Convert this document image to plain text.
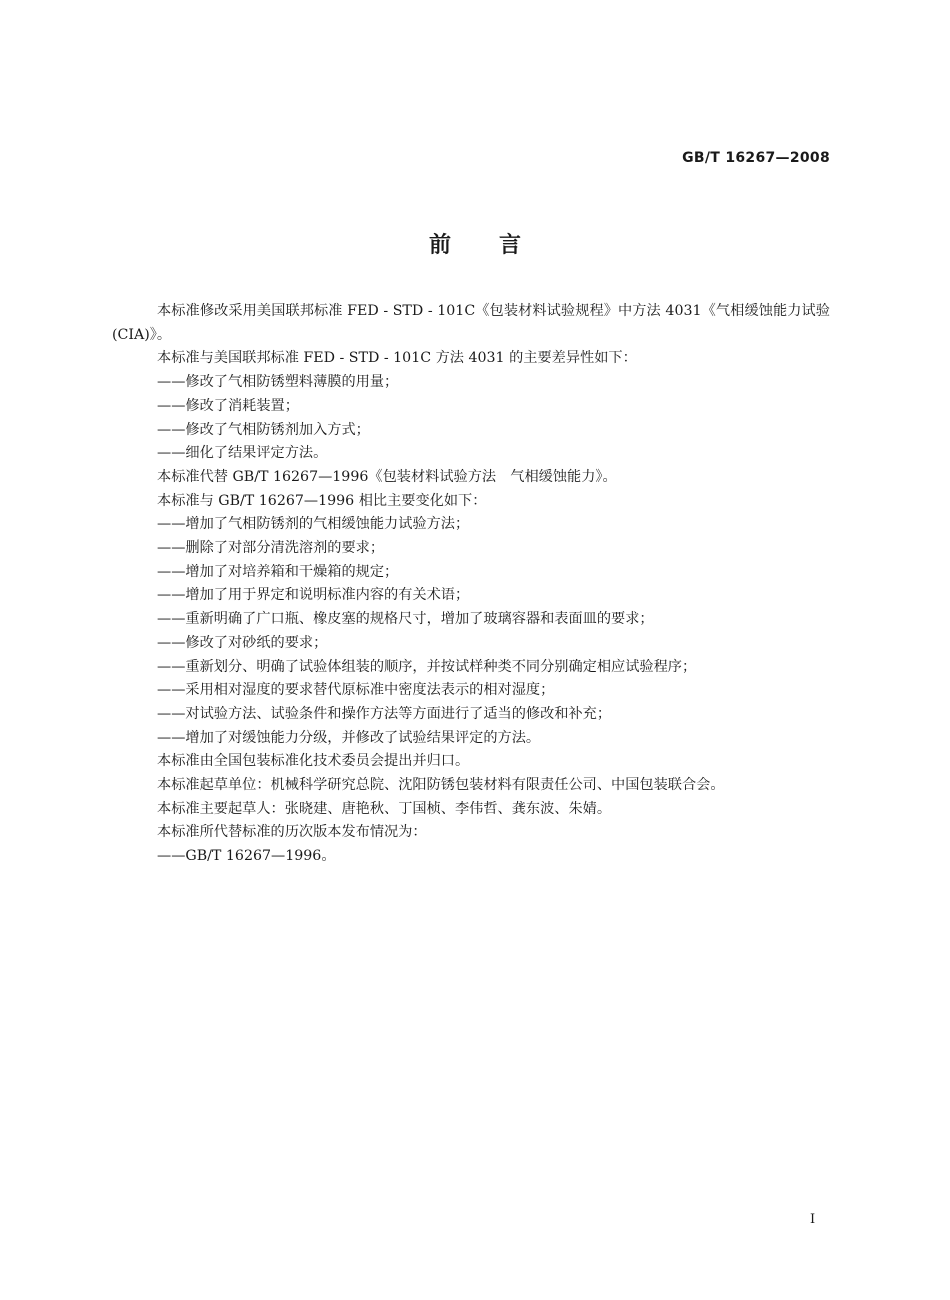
GB/T 16267—2008
前言

本标准修改采用美国联邦标准 FED - STD - 101C《包装材料试验规程》中方法 4031《气相缓蚀能力试验(CIA)》。

本标准与美国联邦标准 FED - STD - 101C 方法 4031 的主要差异性如下：

——修改了气相防锈塑料薄膜的用量；

——修改了消耗装置；

——修改了气相防锈剂加入方式；

——细化了结果评定方法。

本标准代替 GB/T 16267—1996《包装材料试验方法　气相缓蚀能力》。

本标准与 GB/T 16267—1996 相比主要变化如下：

——增加了气相防锈剂的气相缓蚀能力试验方法；

——删除了对部分清洗溶剂的要求；

——增加了对培养箱和干燥箱的规定；

——增加了用于界定和说明标准内容的有关术语；

——重新明确了广口瓶、橡皮塞的规格尺寸，增加了玻璃容器和表面皿的要求；

——修改了对砂纸的要求；

——重新划分、明确了试验体组装的顺序，并按试样种类不同分别确定相应试验程序；

——采用相对湿度的要求替代原标准中密度法表示的相对湿度；

——对试验方法、试验条件和操作方法等方面进行了适当的修改和补充；

——增加了对缓蚀能力分级，并修改了试验结果评定的方法。

本标准由全国包装标准化技术委员会提出并归口。

本标准起草单位：机械科学研究总院、沈阳防锈包装材料有限责任公司、中国包装联合会。

本标准主要起草人：张晓建、唐艳秋、丁国桢、李伟哲、龚东波、朱婧。

本标准所代替标准的历次版本发布情况为：

——GB/T 16267—1996。

I
